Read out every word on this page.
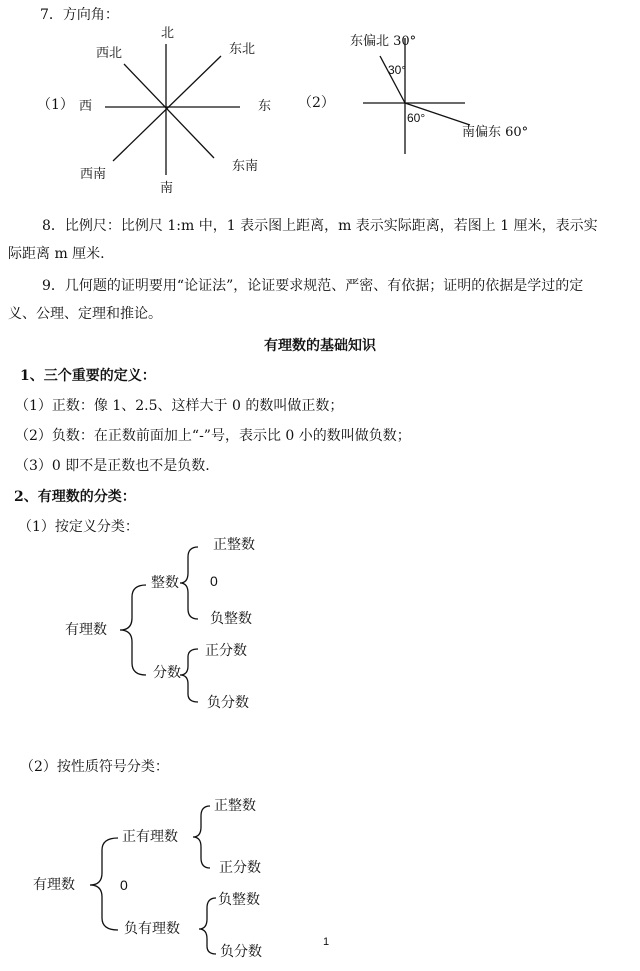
7．方向角：
（1）
北
西北	东北
西	东
西南
东南
南
（2）
东偏北 30°
30°
60°
南偏东 60°
8．比例尺：比例尺 1:m 中，1 表示图上距离，m 表示实际距离，若图上 1 厘米，表示实
际距离 m 厘米.
9．几何题的证明要用“论证法”，论证要求规范、严密、有依据；证明的依据是学过的定
义、公理、定理和推论。
有理数的基础知识
1、三个重要的定义：
（1）正数：像 1、2.5、这样大于 0 的数叫做正数；
（2）负数：在正数前面加上“-”号，表示比 0 小的数叫做负数；
（3）0 即不是正数也不是负数.
2、有理数的分类：
（1）按定义分类：
有理数
整数
正整数
0
负整数
分数
正分数
负分数
（2）按性质符号分类：
有理数
正有理数
正整数
正分数
0
负有理数
负整数
负分数
1
